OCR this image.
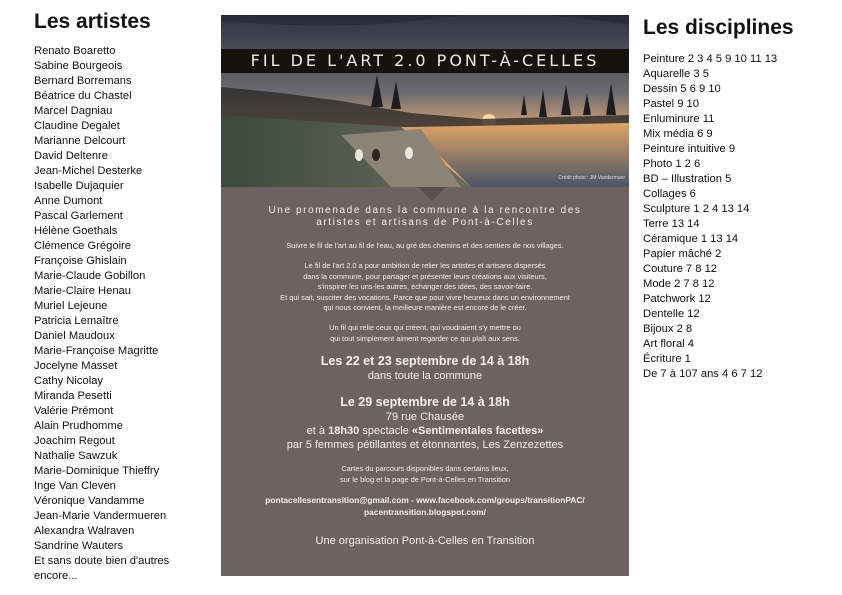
Les artistes
Renato Boaretto
Sabine Bourgeois
Bernard Borremans
Béatrice du Chastel
Marcel Dagniau
Claudine Degalet
Marianne Delcourt
David Deltenre
Jean-Michel Desterke
Isabelle Dujaquier
Anne Dumont
Pascal Garlement
Hélène Goethals
Clémence Grégoire
Françoise Ghislain
Marie-Claude Gobillon
Marie-Claire Henau
Muriel Lejeune
Patricia Lemaître
Daniel Maudoux
Marie-Françoise Magritte
Jocelyne Masset
Cathy Nicolay
Miranda Pesetti
Valérie Prémont
Alain Prudhomme
Joachim Regout
Nathalie Sawzuk
Marie-Dominique Thieffry
Inge Van Cleven
Véronique Vandamme
Jean-Marie Vandermueren
Alexandra Walraven
Sandrine Wauters
Et sans doute bien d'autres encore...
FIL DE L'ART 2.0 PONT-À-CELLES
Crédit photo : JM Vandermuer
Une promenade dans la commune à la rencontre des
artistes et artisans de Pont-à-Celles
Suivre le fil de l'art au fil de l'eau, au gré des chemins et des sentiers de nos villages.
Le fil de l'art 2.0 a pour ambition de relier les artistes et artisans dispersés
dans la commune, pour partager et présenter leurs créations aux visiteurs,
s'inspirer les uns-les autres, échanger des idées, des savoir-faire.
Et qui sait, susciter des vocations. Parce que pour vivre heureux dans un environnement
qui nous convient, la meilleure manière est encore de le créer.
Un fil qui relie ceux qui créent, qui voudraient s'y mettre ou
qui tout simplement aiment regarder ce qui plaît aux sens.
Les 22 et 23 septembre de 14 à 18h
dans toute la commune
Le 29 septembre de 14 à 18h
79 rue Chausée
et à 18h30 spectacle «Sentimentales facettes»
par 5 femmes pétillantes et étonnantes, Les Zenzezettes
Cartes du parcours disponibles dans certains lieux,
sur le blog et la page de Pont-à-Celles en Transition
pontacellesentransition@gmail.com - www.facebook.com/groups/transitionPAC/
pacentransition.blogspot.com/
Une organisation Pont-à-Celles en Transition
Les disciplines
Peinture 2 3 4 5 9 10 11 13
Aquarelle 3 5
Dessin 5 6 9 10
Pastel 9 10
Enluminure 11
Mix média 6 9
Peinture intuitive 9
Photo 1 2 6
BD – Illustration 5
Collages 6
Sculpture 1 2 4 13 14
Terre 13 14
Céramique 1 13 14
Papier mâché 2
Couture 7 8 12
Mode 2 7 8 12
Patchwork 12
Dentelle 12
Bijoux 2 8
Art floral 4
Écriture 1
De 7 à 107 ans 4 6 7 12
